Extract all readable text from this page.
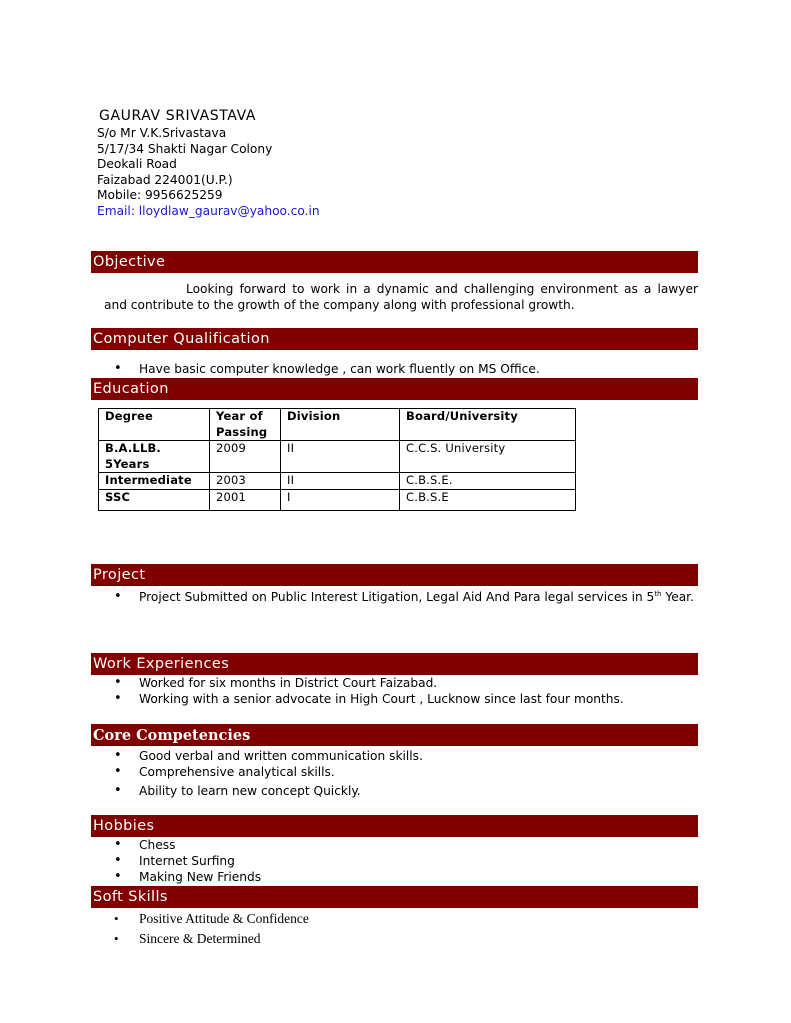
GAURAV SRIVASTAVA
S/o Mr V.K.Srivastava
5/17/34 Shakti Nagar Colony
Deokali Road
Faizabad 224001(U.P.)
Mobile: 9956625259
Email: lloydlaw_gaurav@yahoo.co.in
Objective
Looking forward to work in a dynamic and challenging environment as a lawyer and contribute to the growth of the company along with professional growth.
Computer Qualification
• Have basic computer knowledge , can work fluently on MS Office.
Education
Degree	Year of Passing	Division	Board/University
B.A.LLB. 5Years	2009	II	C.C.S. University
Intermediate	2003	II	C.B.S.E.
SSC	2001	I	C.B.S.E
Project
• Project Submitted on Public Interest Litigation, Legal Aid And Para legal services in 5th Year.
Work Experiences
• Worked for six months in District Court Faizabad.
• Working with a senior advocate in High Court , Lucknow since last four months.
Core Competencies
• Good verbal and written communication skills.
• Comprehensive analytical skills.
• Ability to learn new concept Quickly.
Hobbies
• Chess
• Internet Surfing
• Making New Friends
Soft Skills
• Positive Attitude & Confidence
• Sincere & Determined
